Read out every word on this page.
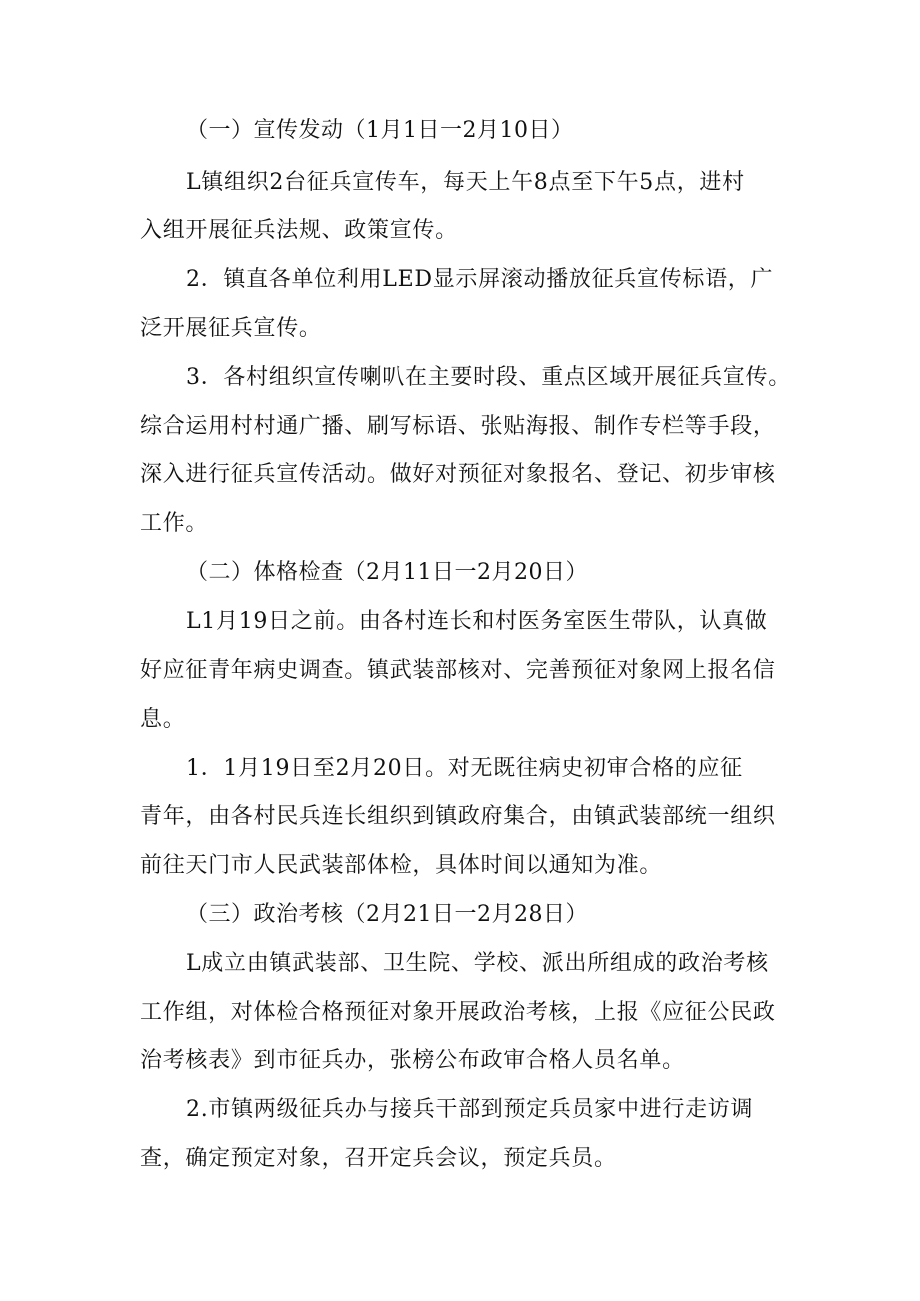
（一）宣传发动（1月1日一2月10日）
L镇组织2台征兵宣传车，每天上午8点至下午5点，进村
入组开展征兵法规、政策宣传。
2．镇直各单位利用LED显示屏滚动播放征兵宣传标语，广
泛开展征兵宣传。
3．各村组织宣传喇叭在主要时段、重点区域开展征兵宣传。
综合运用村村通广播、刷写标语、张贴海报、制作专栏等手段，
深入进行征兵宣传活动。做好对预征对象报名、登记、初步审核
工作。
（二）体格检查（2月11日一2月20日）
L1月19日之前。由各村连长和村医务室医生带队，认真做
好应征青年病史调查。镇武装部核对、完善预征对象网上报名信
息。
1．1月19日至2月20日。对无既往病史初审合格的应征
青年，由各村民兵连长组织到镇政府集合，由镇武装部统一组织
前往天门市人民武装部体检，具体时间以通知为准。
（三）政治考核（2月21日一2月28日）
L成立由镇武装部、卫生院、学校、派出所组成的政治考核
工作组，对体检合格预征对象开展政治考核，上报《应征公民政
治考核表》到市征兵办，张榜公布政审合格人员名单。
2.市镇两级征兵办与接兵干部到预定兵员家中进行走访调
查，确定预定对象，召开定兵会议，预定兵员。
